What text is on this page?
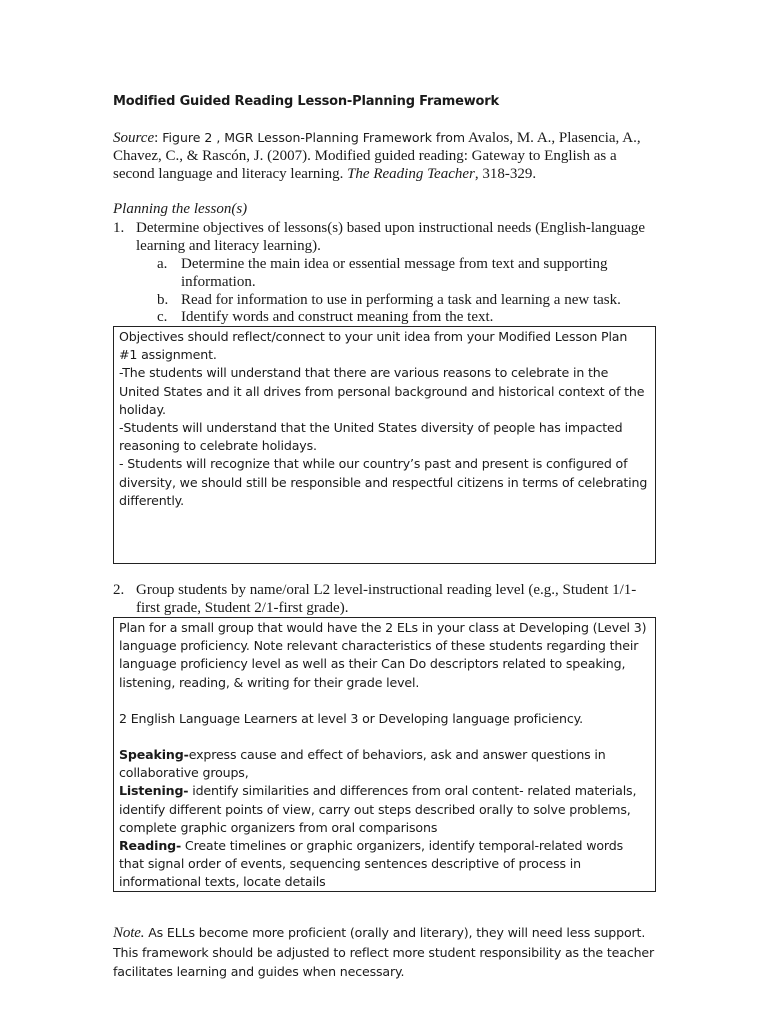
Modified Guided Reading Lesson-Planning Framework
Source: Figure 2 , MGR Lesson-Planning Framework from Avalos, M. A., Plasencia, A., Chavez, C., & Rascón, J. (2007). Modified guided reading: Gateway to English as a second language and literacy learning. The Reading Teacher, 318-329.
Planning the lesson(s)
1. Determine objectives of lessons(s) based upon instructional needs (English-language learning and literacy learning).
a. Determine the main idea or essential message from text and supporting information.
b. Read for information to use in performing a task and learning a new task.
c. Identify words and construct meaning from the text.

Objectives should reflect/connect to your unit idea from your Modified Lesson Plan #1 assignment.

-The students will understand that there are various reasons to celebrate in the United States and it all drives from personal background and historical context of the holiday.

-Students will understand that the United States diversity of people has impacted reasoning to celebrate holidays.

- Students will recognize that while our country’s past and present is configured of diversity, we should still be responsible and respectful citizens in terms of celebrating differently.

2. Group students by name/oral L2 level-instructional reading level (e.g., Student 1/1-first grade, Student 2/1-first grade).

Plan for a small group that would have the 2 ELs in your class at Developing (Level 3) language proficiency. Note relevant characteristics of these students regarding their language proficiency level as well as their Can Do descriptors related to speaking, listening, reading, & writing for their grade level.

2 English Language Learners at level 3 or Developing language proficiency.

Speaking-express cause and effect of behaviors, ask and answer questions in collaborative groups,

Listening- identify similarities and differences from oral content- related materials, identify different points of view, carry out steps described orally to solve problems, complete graphic organizers from oral comparisons

Reading- Create timelines or graphic organizers, identify temporal-related words that signal order of events, sequencing sentences descriptive of process in informational texts, locate details

Note. As ELLs become more proficient (orally and literary), they will need less support. This framework should be adjusted to reflect more student responsibility as the teacher facilitates learning and guides when necessary.
